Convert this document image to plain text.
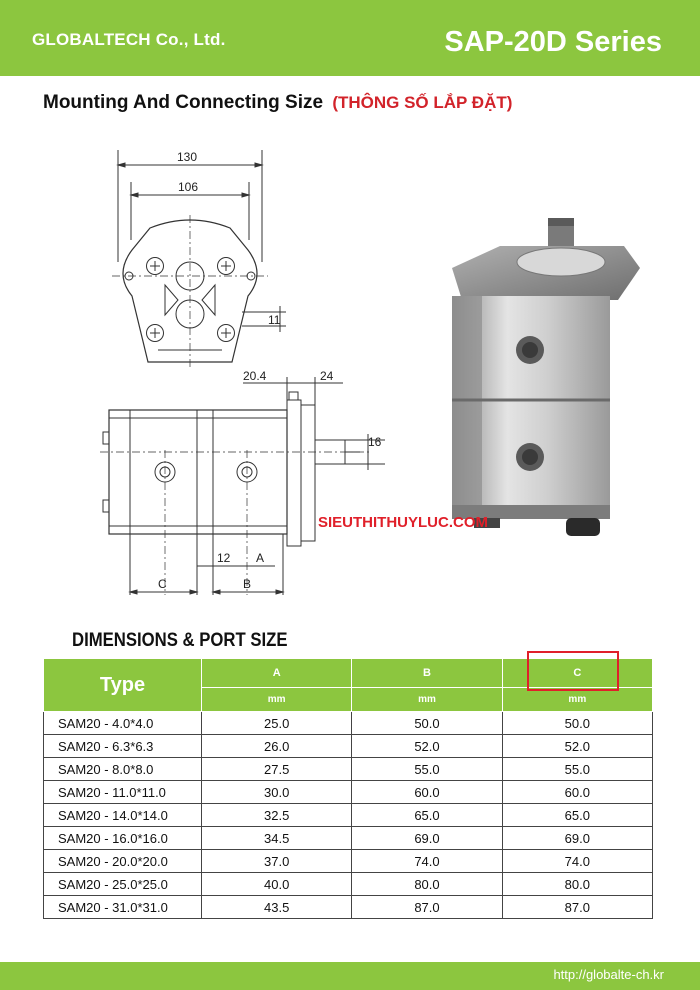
GLOBALTECH Co., Ltd.	SAP-20D Series
Mounting And Connecting Size (THÔNG SỐ LẮP ĐẶT)
130
106
11
20.4	24
16
12 A
C	B
SIEUTHITHUYLUC.COM
DIMENSIONS & PORT SIZE
Type	A	B	C
	mm	mm	mm
SAM20 - 4.0*4.0	25.0	50.0	50.0
SAM20 - 6.3*6.3	26.0	52.0	52.0
SAM20 - 8.0*8.0	27.5	55.0	55.0
SAM20 - 11.0*11.0	30.0	60.0	60.0
SAM20 - 14.0*14.0	32.5	65.0	65.0
SAM20 - 16.0*16.0	34.5	69.0	69.0
SAM20 - 20.0*20.0	37.0	74.0	74.0
SAM20 - 25.0*25.0	40.0	80.0	80.0
SAM20 - 31.0*31.0	43.5	87.0	87.0
http://globalte-ch.kr
